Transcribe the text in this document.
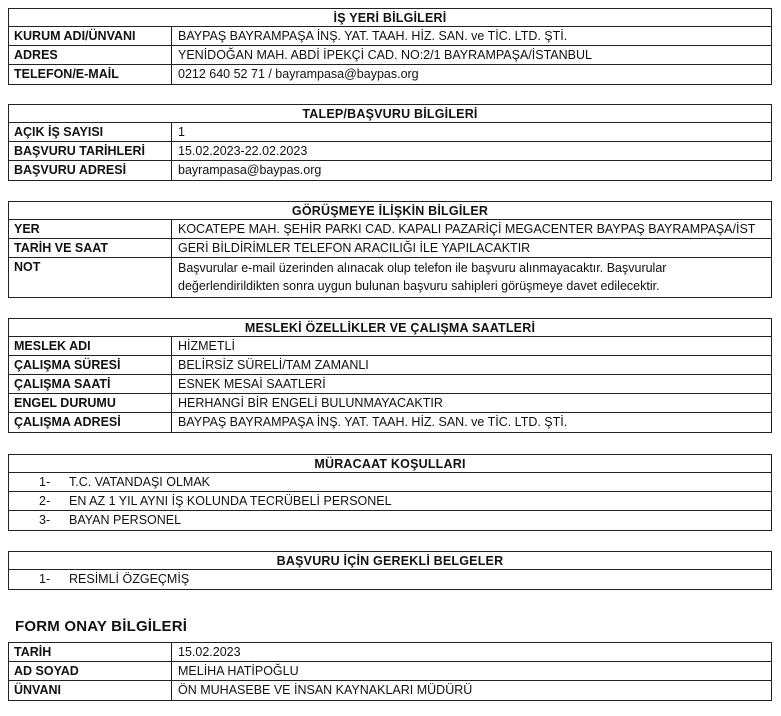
İŞ YERİ BİLGİLERİ
KURUM ADI/ÜNVANI	BAYPAŞ BAYRAMPAŞA İNŞ. YAT. TAAH. HİZ. SAN. ve TİC. LTD. ŞTİ.
ADRES	YENİDOĞAN MAH. ABDİ İPEKÇİ CAD. NO:2/1 BAYRAMPAŞA/İSTANBUL
TELEFON/E-MAİL	0212 640 52 71 / bayrampasa@baypas.org
TALEP/BAŞVURU BİLGİLERİ
AÇIK İŞ SAYISI	1
BAŞVURU TARİHLERİ	15.02.2023-22.02.2023
BAŞVURU ADRESİ	bayrampasa@baypas.org
GÖRÜŞMEYE İLİŞKİN BİLGİLER
YER	KOCATEPE MAH. ŞEHİR PARKI CAD. KAPALI PAZARİÇİ MEGACENTER BAYPAŞ BAYRAMPAŞA/İST
TARİH VE SAAT	GERİ BİLDİRİMLER TELEFON ARACILIĞI İLE YAPILACAKTIR
NOT	Başvurular e-mail üzerinden alınacak olup telefon ile başvuru alınmayacaktır. Başvurular değerlendirildikten sonra uygun bulunan başvuru sahipleri görüşmeye davet edilecektir.
MESLEKİ ÖZELLİKLER VE ÇALIŞMA SAATLERİ
MESLEK ADI	HİZMETLİ
ÇALIŞMA SÜRESİ	BELİRSİZ SÜRELİ/TAM ZAMANLI
ÇALIŞMA SAATİ	ESNEK MESAİ SAATLERİ
ENGEL DURUMU	HERHANGİ BİR ENGELİ BULUNMAYACAKTIR
ÇALIŞMA ADRESİ	BAYPAŞ BAYRAMPAŞA İNŞ. YAT. TAAH. HİZ. SAN. ve TİC. LTD. ŞTİ.
MÜRACAAT KOŞULLARI
1-	T.C. VATANDAŞI OLMAK
2-	EN AZ 1 YIL AYNI İŞ KOLUNDA TECRÜBELİ PERSONEL
3-	BAYAN PERSONEL
BAŞVURU İÇİN GEREKLİ BELGELER
1-	RESİMLİ ÖZGEÇMİŞ
FORM ONAY BİLGİLERİ
TARİH	15.02.2023
AD SOYAD	MELİHA HATİPOĞLU
ÜNVANI	ÖN MUHASEBE VE İNSAN KAYNAKLARI MÜDÜRÜ
